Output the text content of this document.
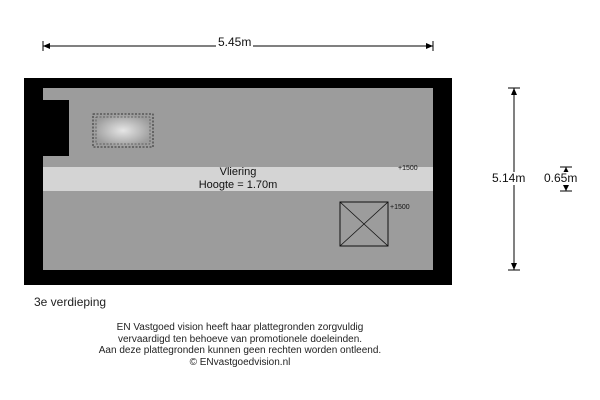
5.45m
5.14m 0.65m
Vliering
Hoogte = 1.70m
+1500
+1500
3e verdieping
EN Vastgoed vision heeft haar plattegronden zorgvuldig
vervaardigd ten behoeve van promotionele doeleinden.
Aan deze plattegronden kunnen geen rechten worden ontleend.
© ENvastgoedvision.nl
